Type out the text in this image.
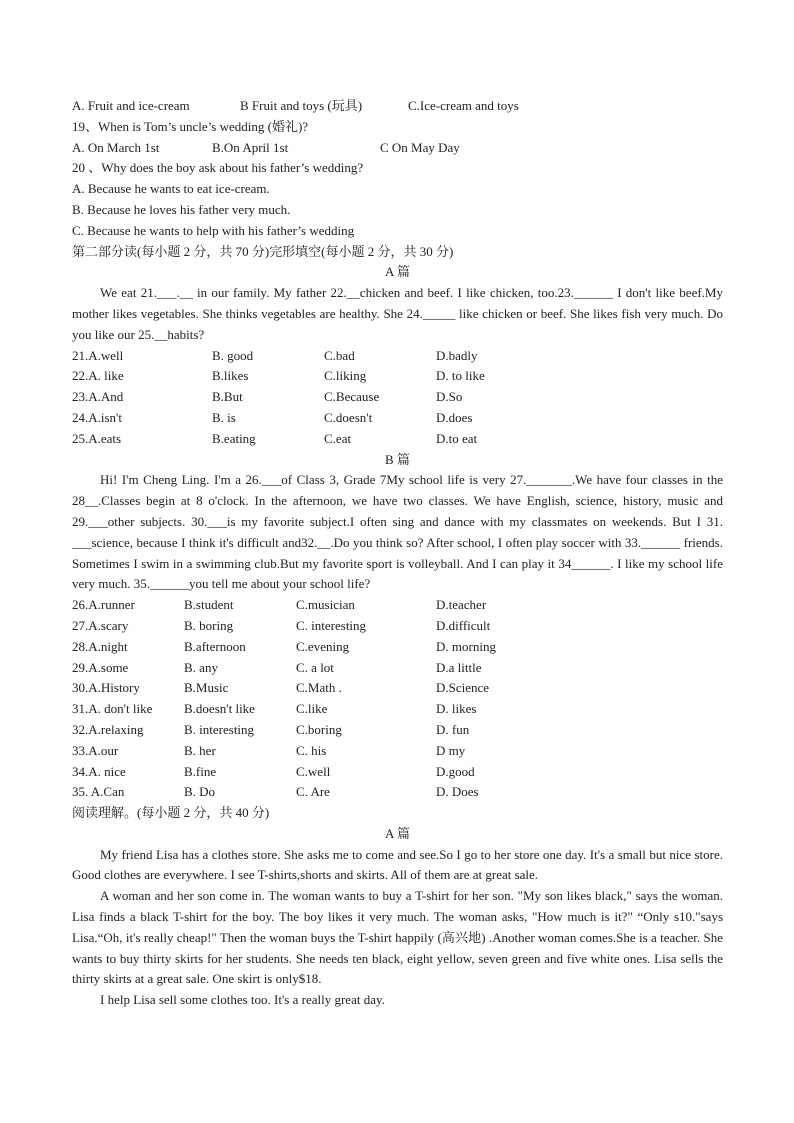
A. Fruit and ice-cream	B Fruit and toys (玩具)	C.Ice-cream and toys
19、When is Tom’s uncle’s wedding (婚礼)?
A. On March 1st	B.On April 1st	C On May Day
20 、Why does the boy ask about his father’s wedding?
A. Because he wants to eat ice-cream.
B. Because he loves his father very much.
C. Because he wants to help with his father’s wedding
第二部分读(每小题 2 分，共 70 分)完形填空(每小题 2 分，共 30 分)
A 篇
We eat 21.___.__ in our family. My father 22.__chicken and beef. I like chicken, too.23.______ I don't like beef.My mother likes vegetables. She thinks vegetables are healthy. She 24._____ like chicken or beef. She likes fish very much. Do you like our 25.__habits?
21.A.well	B. good	C.bad	D.badly
22.A. like	B.likes	C.liking	D. to like
23.A.And	B.But	C.Because	D.So
24.A.isn't	B. is	C.doesn't	D.does
25.A.eats	B.eating	C.eat	D.to eat
B 篇
Hi! I'm Cheng Ling. I'm a 26.___of Class 3, Grade 7My school life is very 27._______.We have four classes in the 28__.Classes begin at 8 o'clock. In the afternoon, we have two classes. We have English, science, history, music and 29.___other subjects. 30.___is my favorite subject.I often sing and dance with my classmates on weekends. But I 31. ___science, because I think it's difficult and32.__.Do you think so? After school, I often play soccer with 33.______ friends. Sometimes I swim in a swimming club.But my favorite sport is volleyball. And I can play it 34______. I like my school life very much. 35.______you tell me about your school life?
26.A.runner	B.student	C.musician	D.teacher
27.A.scary	B. boring	C. interesting	D.difficult
28.A.night	B.afternoon	C.evening	D. morning
29.A.some	B. any	C. a lot	D.a little
30.A.History	B.Music	C.Math .	D.Science
31.A. don't like	B.doesn't like	C.like	D. likes
32.A.relaxing	B. interesting	C.boring	D. fun
33.A.our	B. her	C. his	D my
34.A. nice	B.fine	C.well	D.good
35. A.Can	B. Do	C. Are	D. Does
阅读理解。(每小题 2 分，共 40 分)
A 篇
My friend Lisa has a clothes store. She asks me to come and see.So I go to her store one day. It's a small but nice store. Good clothes are everywhere. I see T-shirts,shorts and skirts. All of them are at great sale.
A woman and her son come in. The woman wants to buy a T-shirt for her son. "My son likes black," says the woman. Lisa finds a black T-shirt for the boy. The boy likes it very much. The woman asks, "How much is it?" “Only s10."says Lisa.“Oh, it's really cheap!" Then the woman buys the T-shirt happily (高兴地) .Another woman comes.She is a teacher. She wants to buy thirty skirts for her students. She needs ten black, eight yellow, seven green and five white ones. Lisa sells the thirty skirts at a great sale. One skirt is only$18.
I help Lisa sell some clothes too. It's a really great day.
